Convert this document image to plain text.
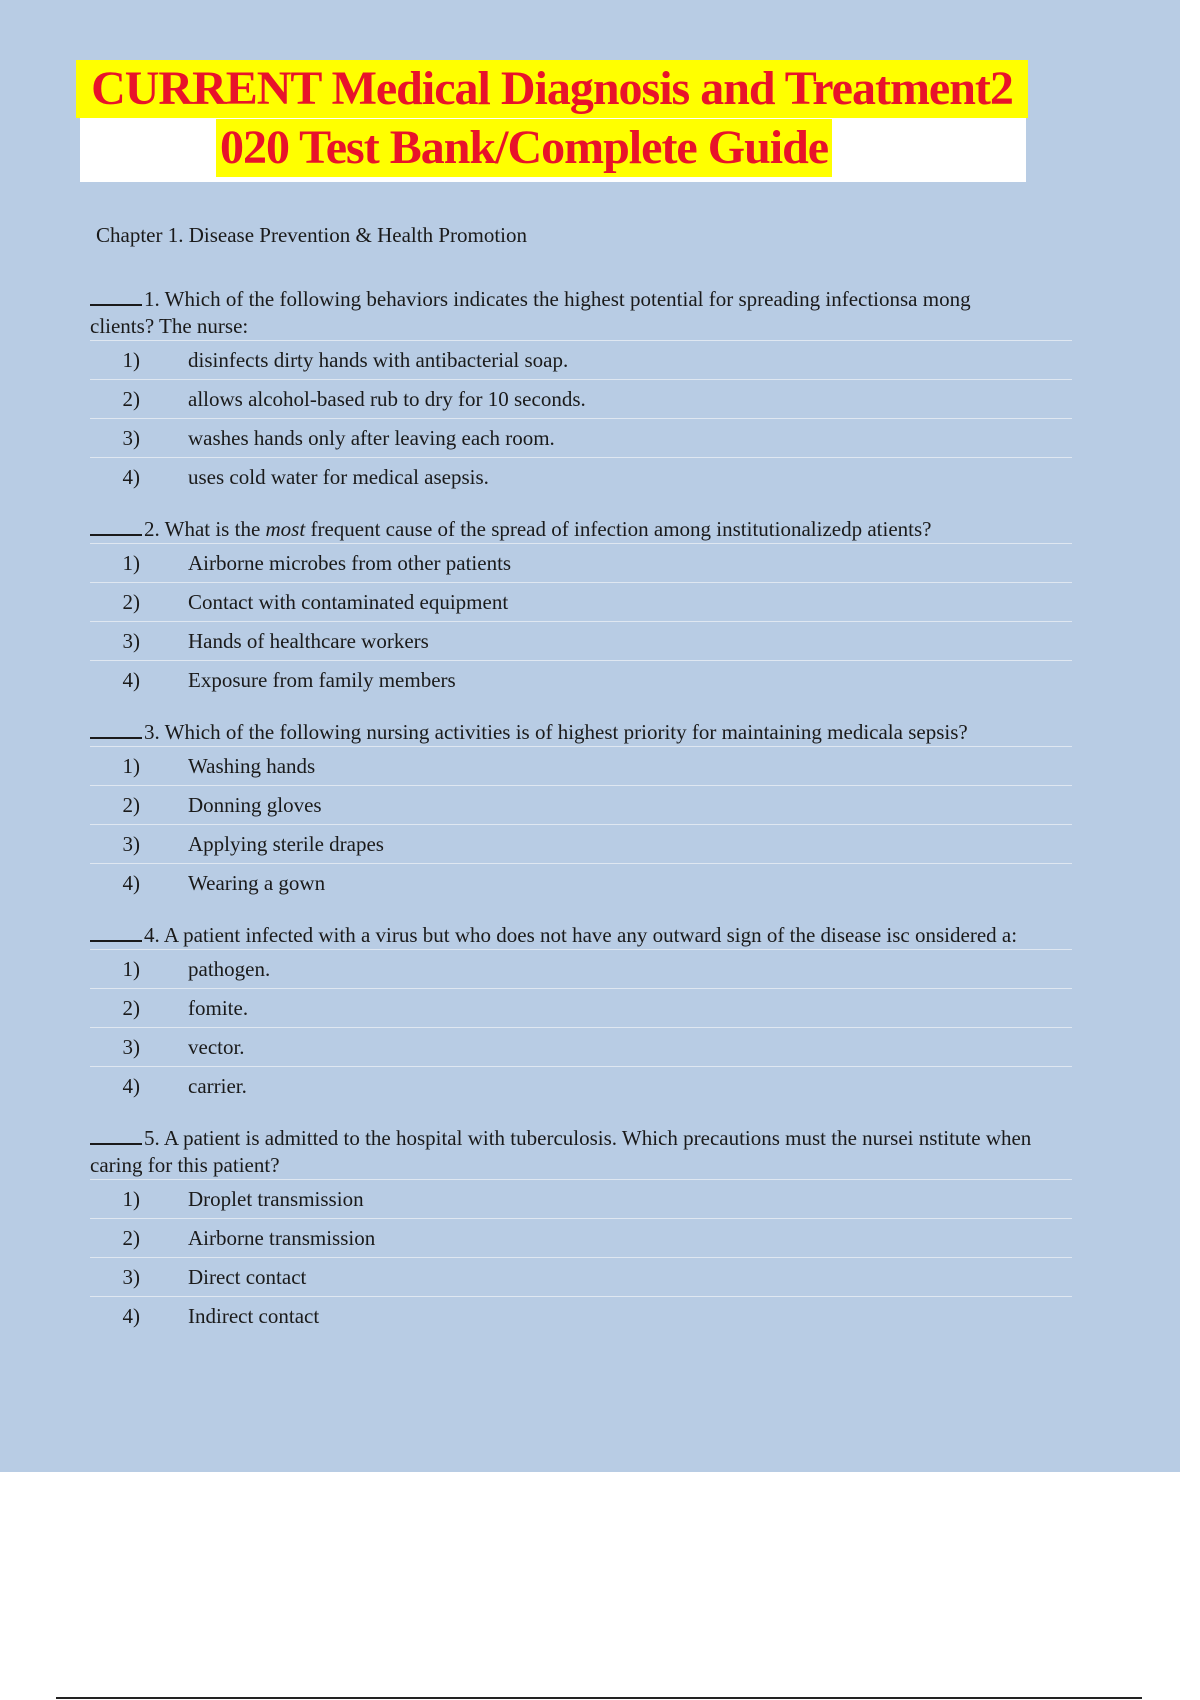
CURRENT Medical Diagnosis and Treatment2
020 Test Bank/Complete Guide
Chapter 1. Disease Prevention & Health Promotion
1. Which of the following behaviors indicates the highest potential for spreading infectionsa mong clients? The nurse:
1)	disinfects dirty hands with antibacterial soap.
2)	allows alcohol-based rub to dry for 10 seconds.
3)	washes hands only after leaving each room.
4)	uses cold water for medical asepsis.
2. What is the most frequent cause of the spread of infection among institutionalizedp atients?
1)	Airborne microbes from other patients
2)	Contact with contaminated equipment
3)	Hands of healthcare workers
4)	Exposure from family members
3. Which of the following nursing activities is of highest priority for maintaining medicala sepsis?
1)	Washing hands
2)	Donning gloves
3)	Applying sterile drapes
4)	Wearing a gown
4. A patient infected with a virus but who does not have any outward sign of the disease isc onsidered a:
1)	pathogen.
2)	fomite.
3)	vector.
4)	carrier.
5. A patient is admitted to the hospital with tuberculosis. Which precautions must the nursei nstitute when caring for this patient?
1)	Droplet transmission
2)	Airborne transmission
3)	Direct contact
4)	Indirect contact
